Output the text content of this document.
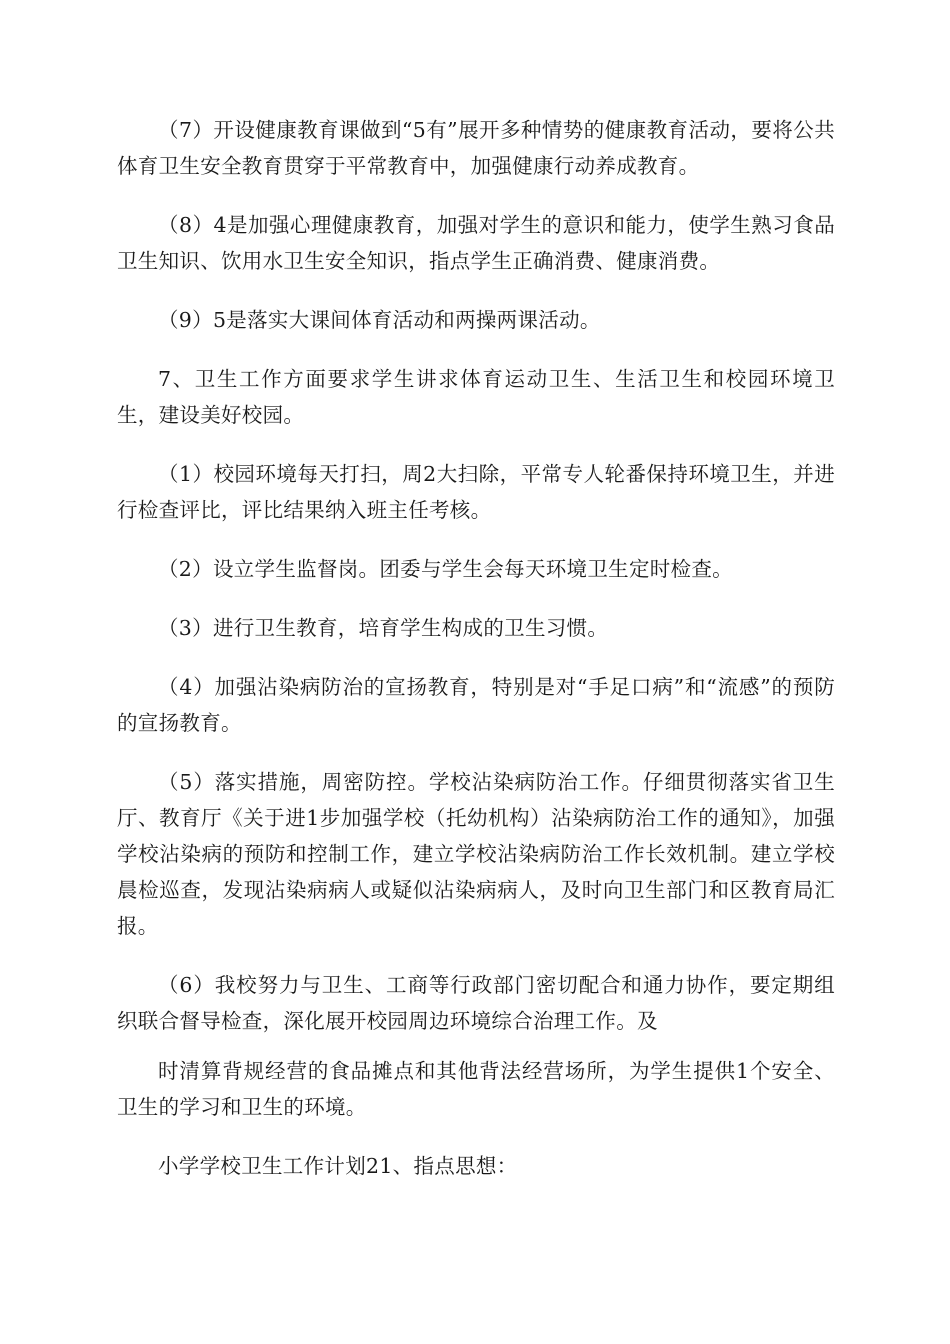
（7）开设健康教育课做到“5有”展开多种情势的健康教育活动，要将公共体育卫生安全教育贯穿于平常教育中，加强健康行动养成教育。

（8）4是加强心理健康教育，加强对学生的意识和能力，使学生熟习食品卫生知识、饮用水卫生安全知识，指点学生正确消费、健康消费。

（9）5是落实大课间体育活动和两操两课活动。

7、卫生工作方面要求学生讲求体育运动卫生、生活卫生和校园环境卫生，建设美好校园。

（1）校园环境每天打扫，周2大扫除，平常专人轮番保持环境卫生，并进行检查评比，评比结果纳入班主任考核。

（2）设立学生监督岗。团委与学生会每天环境卫生定时检查。

（3）进行卫生教育，培育学生构成的卫生习惯。

（4）加强沾染病防治的宣扬教育，特别是对“手足口病”和“流感”的预防的宣扬教育。

（5）落实措施，周密防控。学校沾染病防治工作。仔细贯彻落实省卫生厅、教育厅《关于进1步加强学校（托幼机构）沾染病防治工作的通知》，加强学校沾染病的预防和控制工作，建立学校沾染病防治工作长效机制。建立学校晨检巡查，发现沾染病病人或疑似沾染病病人，及时向卫生部门和区教育局汇报。

（6）我校努力与卫生、工商等行政部门密切配合和通力协作，要定期组织联合督导检查，深化展开校园周边环境综合治理工作。及

时清算背规经营的食品摊点和其他背法经营场所，为学生提供1个安全、卫生的学习和卫生的环境。

小学学校卫生工作计划21、指点思想：
